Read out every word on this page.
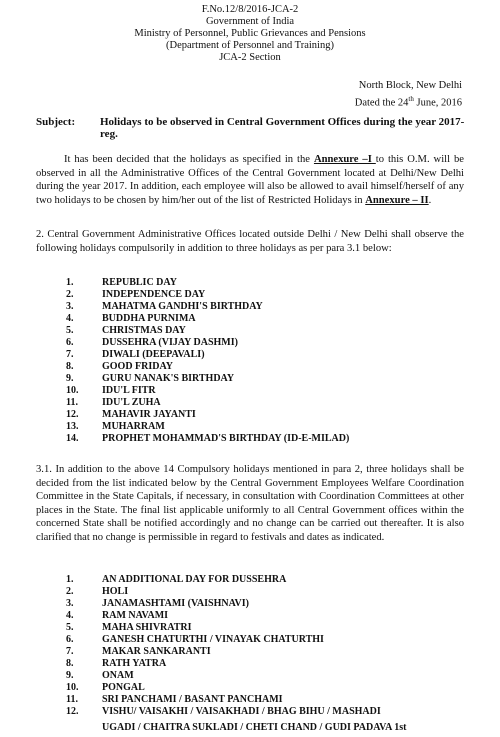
F.No.12/8/2016-JCA-2
Government of India
Ministry of Personnel, Public Grievances and Pensions
(Department of Personnel and Training)
JCA-2 Section
North Block, New Delhi
Dated the 24th June, 2016
Subject: Holidays to be observed in Central Government Offices during the year 2017- reg.
It has been decided that the holidays as specified in the Annexure –I to this O.M. will be observed in all the Administrative Offices of the Central Government located at Delhi/New Delhi during the year 2017. In addition, each employee will also be allowed to avail himself/herself of any two holidays to be chosen by him/her out of the list of Restricted Holidays in Annexure – II.
2. Central Government Administrative Offices located outside Delhi / New Delhi shall observe the following holidays compulsorily in addition to three holidays as per para 3.1 below:
1.	REPUBLIC DAY
2.	INDEPENDENCE DAY
3.	MAHATMA GANDHI'S BIRTHDAY
4.	BUDDHA PURNIMA
5.	CHRISTMAS DAY
6.	DUSSEHRA (VIJAY DASHMI)
7.	DIWALI (DEEPAVALI)
8.	GOOD FRIDAY
9.	GURU NANAK'S BIRTHDAY
10. IDU'L FITR
11. IDU'L ZUHA
12. MAHAVIR JAYANTI
13. MUHARRAM
14. PROPHET MOHAMMAD'S BIRTHDAY (ID-E-MILAD)
3.1. In addition to the above 14 Compulsory holidays mentioned in para 2, three holidays shall be decided from the list indicated below by the Central Government Employees Welfare Coordination Committee in the State Capitals, if necessary, in consultation with Coordination Committees at other places in the State. The final list applicable uniformly to all Central Government offices within the concerned State shall be notified accordingly and no change can be carried out thereafter. It is also clarified that no change is permissible in regard to festivals and dates as indicated.
1.	AN ADDITIONAL DAY FOR DUSSEHRA
2.	HOLI
3.	JANAMASHTAMI (VAISHNAVI)
4.	RAM NAVAMI
5.	MAHA SHIVRATRI
6.	GANESH CHATURTHI / VINAYAK CHATURTHI
7.	MAKAR SANKARANTI
8.	RATH YATRA
9.	ONAM
10. PONGAL
11. SRI PANCHAMI / BASANT PANCHAMI
12. VISHU/ VAISAKHI / VAISAKHADI / BHAG BIHU / MASHADI
UGADI / CHAITRA SUKLADI / CHETI CHAND / GUDI PADAVA 1st
